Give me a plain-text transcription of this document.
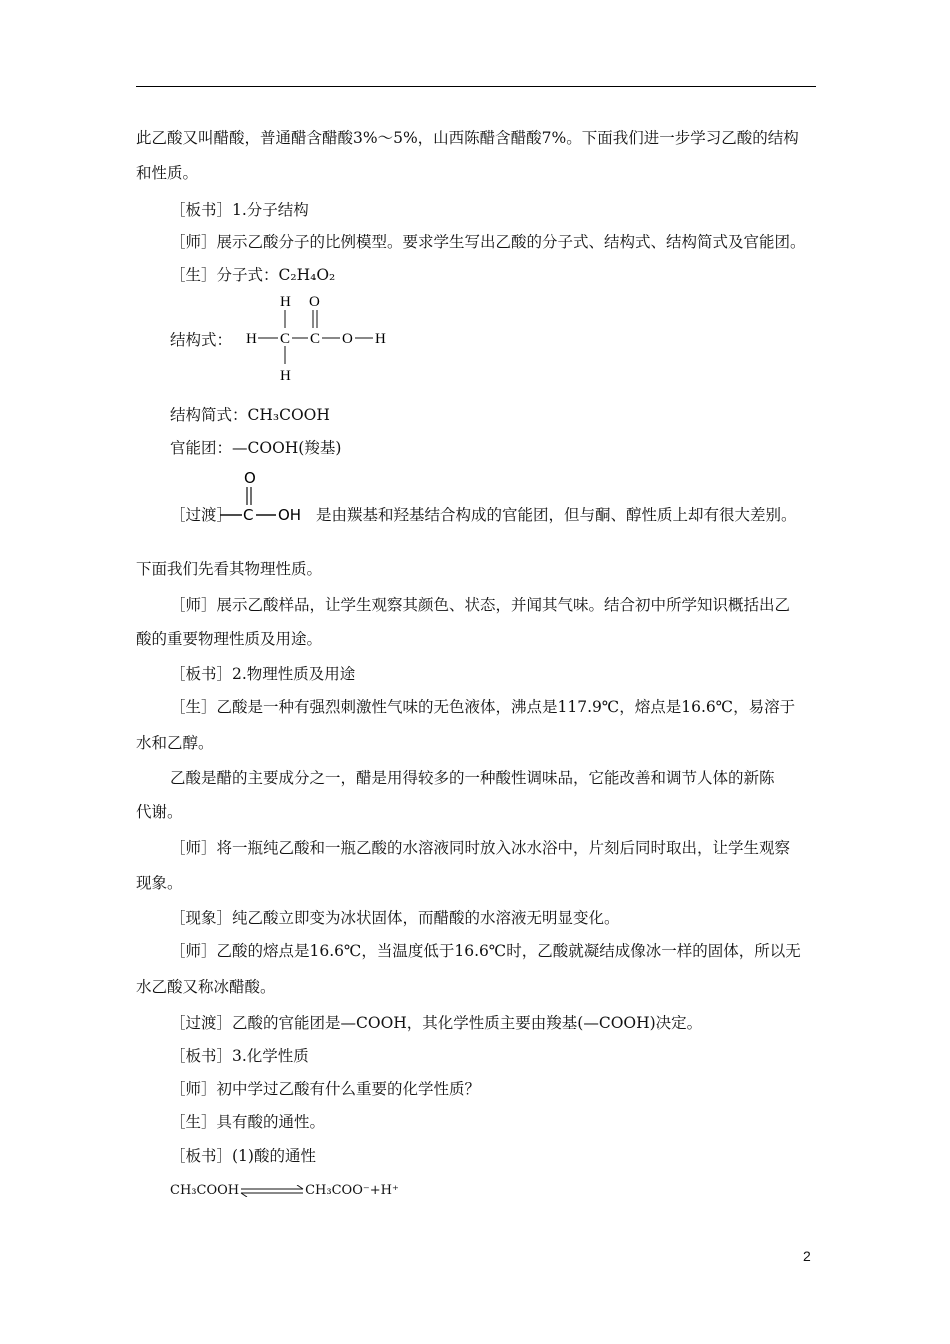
此乙酸又叫醋酸，普通醋含醋酸3%～5%，山西陈醋含醋酸7%。下面我们进一步学习乙酸的结构
和性质。
［板书］1.分子结构
［师］展示乙酸分子的比例模型。要求学生写出乙酸的分子式、结构式、结构简式及官能团。
［生］分子式：C₂H₄O₂
结构式：
H O
H C C O H
H
结构简式：CH₃COOH
官能团：—COOH(羧基)
［过渡］
O
C OH 是由羰基和羟基结合构成的官能团，但与酮、醇性质上却有很大差别。
下面我们先看其物理性质。
［师］展示乙酸样品，让学生观察其颜色、状态，并闻其气味。结合初中所学知识概括出乙
酸的重要物理性质及用途。
［板书］2.物理性质及用途
［生］乙酸是一种有强烈刺激性气味的无色液体，沸点是117.9℃，熔点是16.6℃，易溶于
水和乙醇。
乙酸是醋的主要成分之一，醋是用得较多的一种酸性调味品，它能改善和调节人体的新陈
代谢。
［师］将一瓶纯乙酸和一瓶乙酸的水溶液同时放入冰水浴中，片刻后同时取出，让学生观察
现象。
［现象］纯乙酸立即变为冰状固体，而醋酸的水溶液无明显变化。
［师］乙酸的熔点是16.6℃，当温度低于16.6℃时，乙酸就凝结成像冰一样的固体，所以无
水乙酸又称冰醋酸。
［过渡］乙酸的官能团是—COOH，其化学性质主要由羧基(—COOH)决定。
［板书］3.化学性质
［师］初中学过乙酸有什么重要的化学性质？
［生］具有酸的通性。
［板书］(1)酸的通性
CH₃COOH	CH₃COO⁻+H⁺
2
